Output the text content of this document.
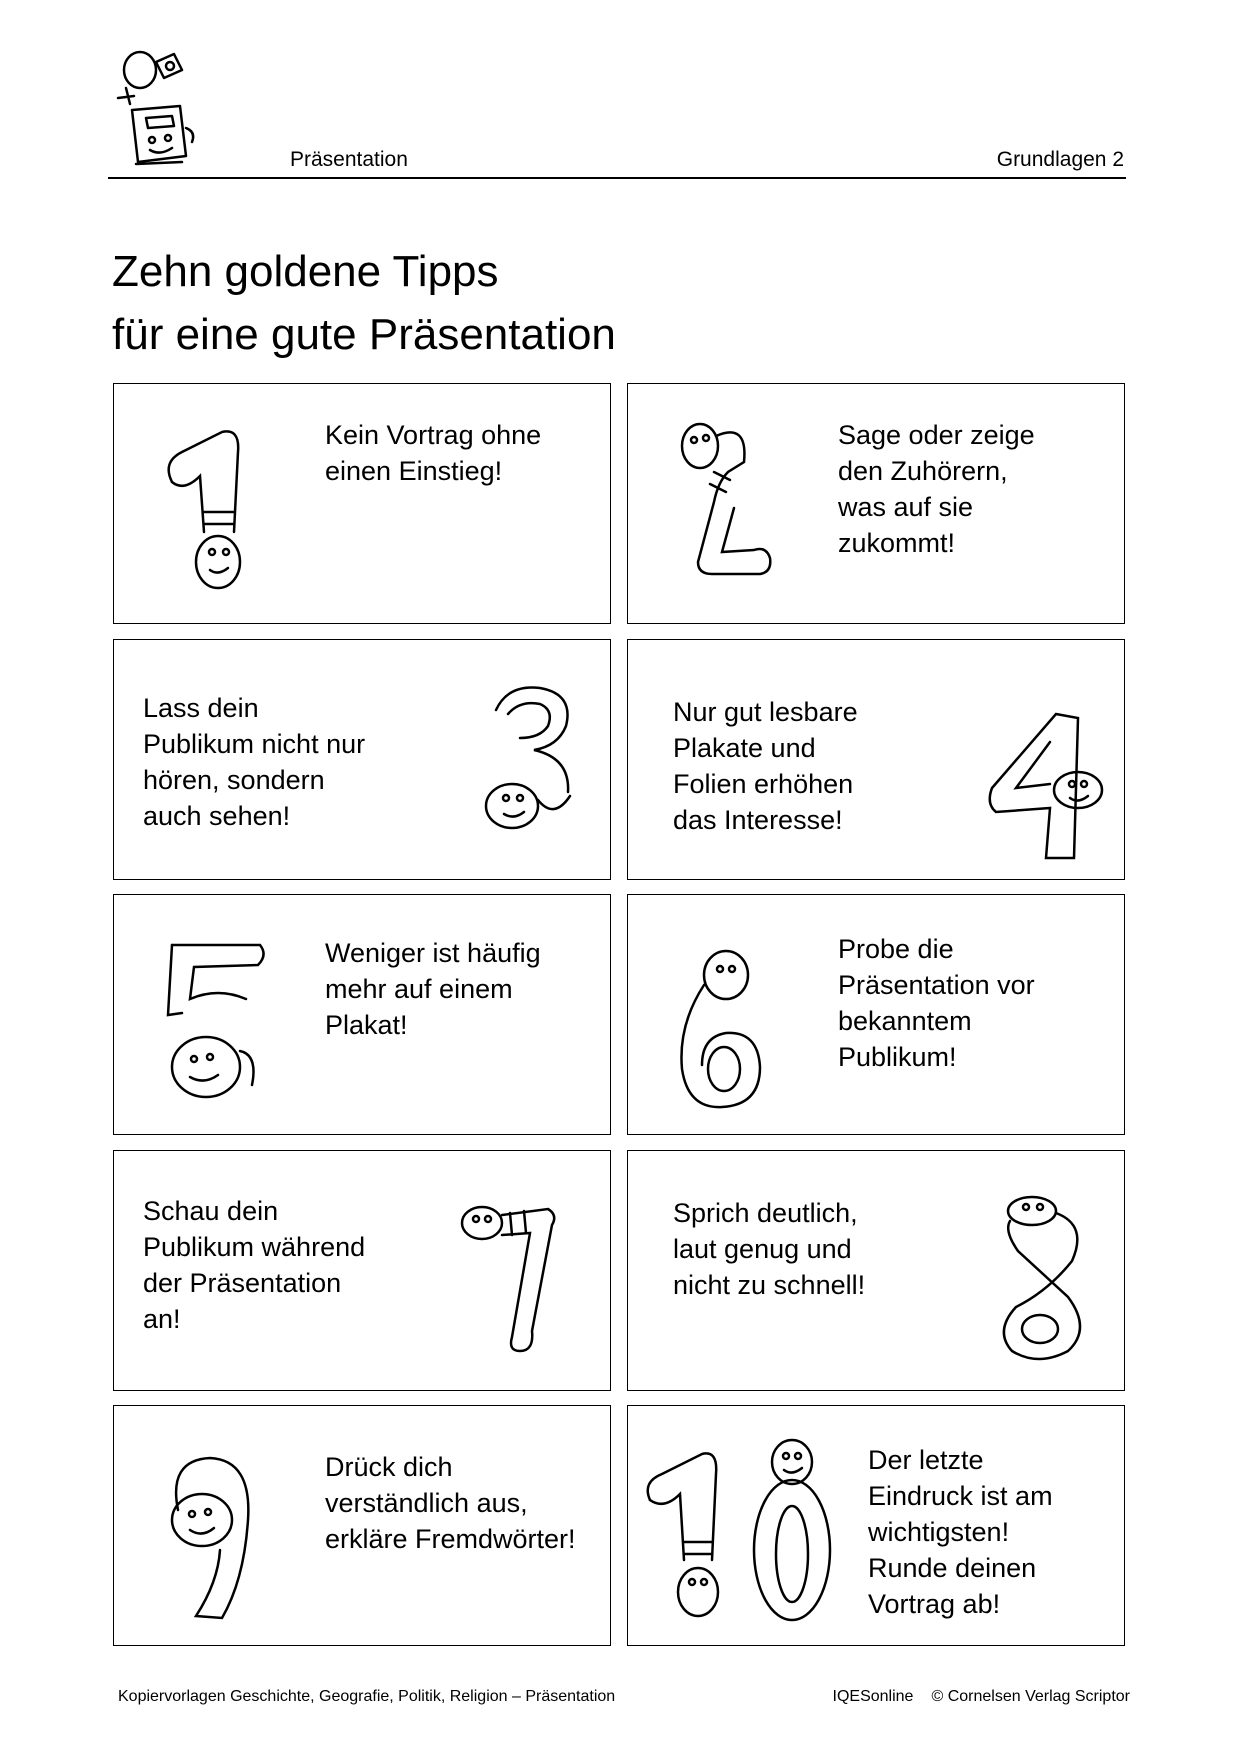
Präsentation	Grundlagen 2
Zehn goldene Tipps
für eine gute Präsentation
Kein Vortrag ohne
einen Einstieg!
Sage oder zeige
den Zuhörern,
was auf sie
zukommt!
Lass dein
Publikum nicht nur
hören, sondern
auch sehen!
Nur gut lesbare
Plakate und
Folien erhöhen
das Interesse!
Weniger ist häufig
mehr auf einem
Plakat!
Probe die
Präsentation vor
bekanntem
Publikum!
Schau dein
Publikum während
der Präsentation
an!
Sprich deutlich,
laut genug und
nicht zu schnell!
Drück dich
verständlich aus,
erkläre Fremdwörter!
Der letzte
Eindruck ist am
wichtigsten!
Runde deinen
Vortrag ab!
Kopiervorlagen Geschichte, Geografie, Politik, Religion – Präsentation	IQESonline © Cornelsen Verlag Scriptor
